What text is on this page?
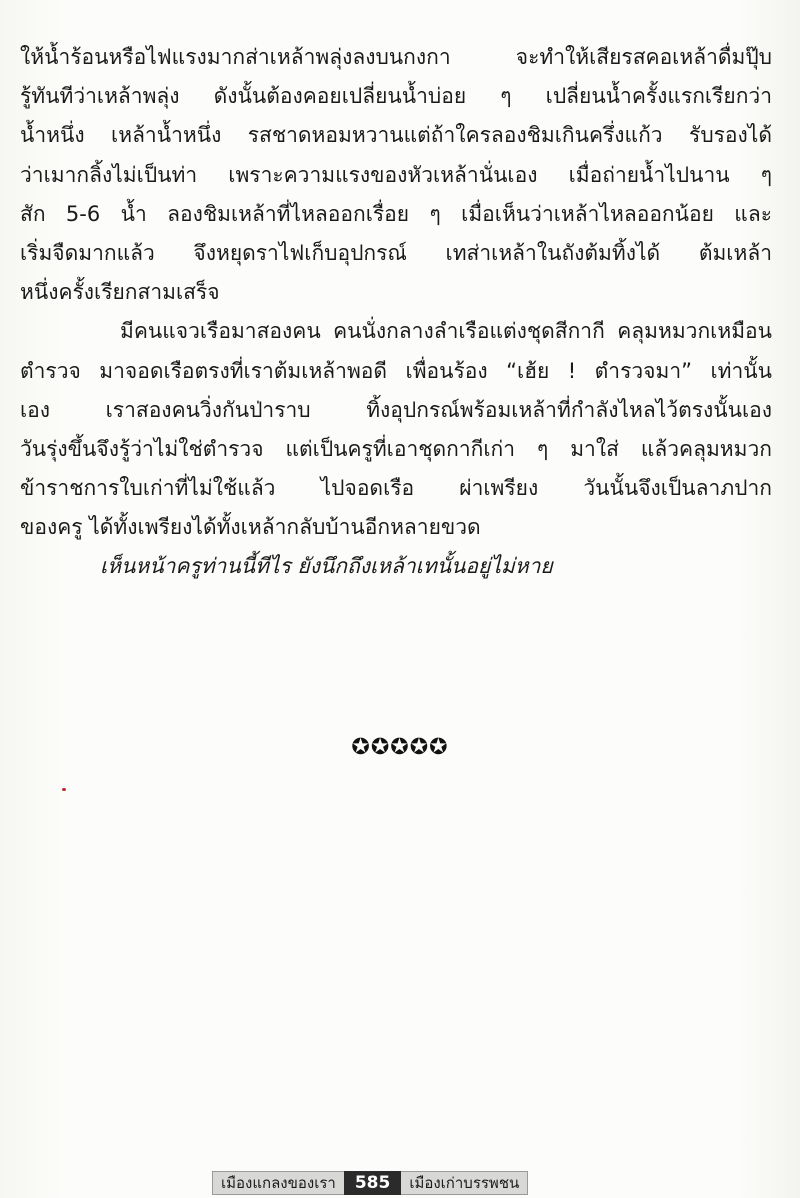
ให้น้ำร้อนหรือไฟแรงมากส่าเหล้าพลุ่งลงบนกงกา จะทำให้เสียรสคอเหล้าดื่มปุ๊บ
รู้ทันทีว่าเหล้าพลุ่ง ดังนั้นต้องคอยเปลี่ยนน้ำบ่อย ๆ เปลี่ยนน้ำครั้งแรกเรียกว่า
น้ำหนึ่ง เหล้าน้ำหนึ่ง รสชาดหอมหวานแต่ถ้าใครลองชิมเกินครึ่งแก้ว รับรองได้
ว่าเมากลิ้งไม่เป็นท่า เพราะความแรงของหัวเหล้านั่นเอง เมื่อถ่ายน้ำไปนาน ๆ
สัก 5-6 น้ำ ลองชิมเหล้าที่ไหลออกเรื่อย ๆ เมื่อเห็นว่าเหล้าไหลออกน้อย และ
เริ่มจืดมากแล้ว จึงหยุดราไฟเก็บอุปกรณ์ เทส่าเหล้าในถังต้มทิ้งได้ ต้มเหล้า
หนึ่งครั้งเรียกสามเสร็จ
มีคนแจวเรือมาสองคน คนนั่งกลางลำเรือแต่งชุดสีกากี คลุมหมวกเหมือน
ตำรวจ มาจอดเรือตรงที่เราต้มเหล้าพอดี เพื่อนร้อง “เฮ้ย ! ตำรวจมา” เท่านั้น
เอง เราสองคนวิ่งกันป่าราบ ทิ้งอุปกรณ์พร้อมเหล้าที่กำลังไหลไว้ตรงนั้นเอง
วันรุ่งขึ้นจึงรู้ว่าไม่ใช่ตำรวจ แต่เป็นครูที่เอาชุดกากีเก่า ๆ มาใส่ แล้วคลุมหมวก
ข้าราชการใบเก่าที่ไม่ใช้แล้ว ไปจอดเรือ ผ่าเพรียง วันนั้นจึงเป็นลาภปาก
ของครู ได้ทั้งเพรียงได้ทั้งเหล้ากลับบ้านอีกหลายขวด
เห็นหน้าครูท่านนี้ทีไร ยังนึกถึงเหล้าเทนั้นอยู่ไม่หาย
✪✪✪✪✪
เมืองแกลงของเรา	585	เมืองเก่าบรรพชน
